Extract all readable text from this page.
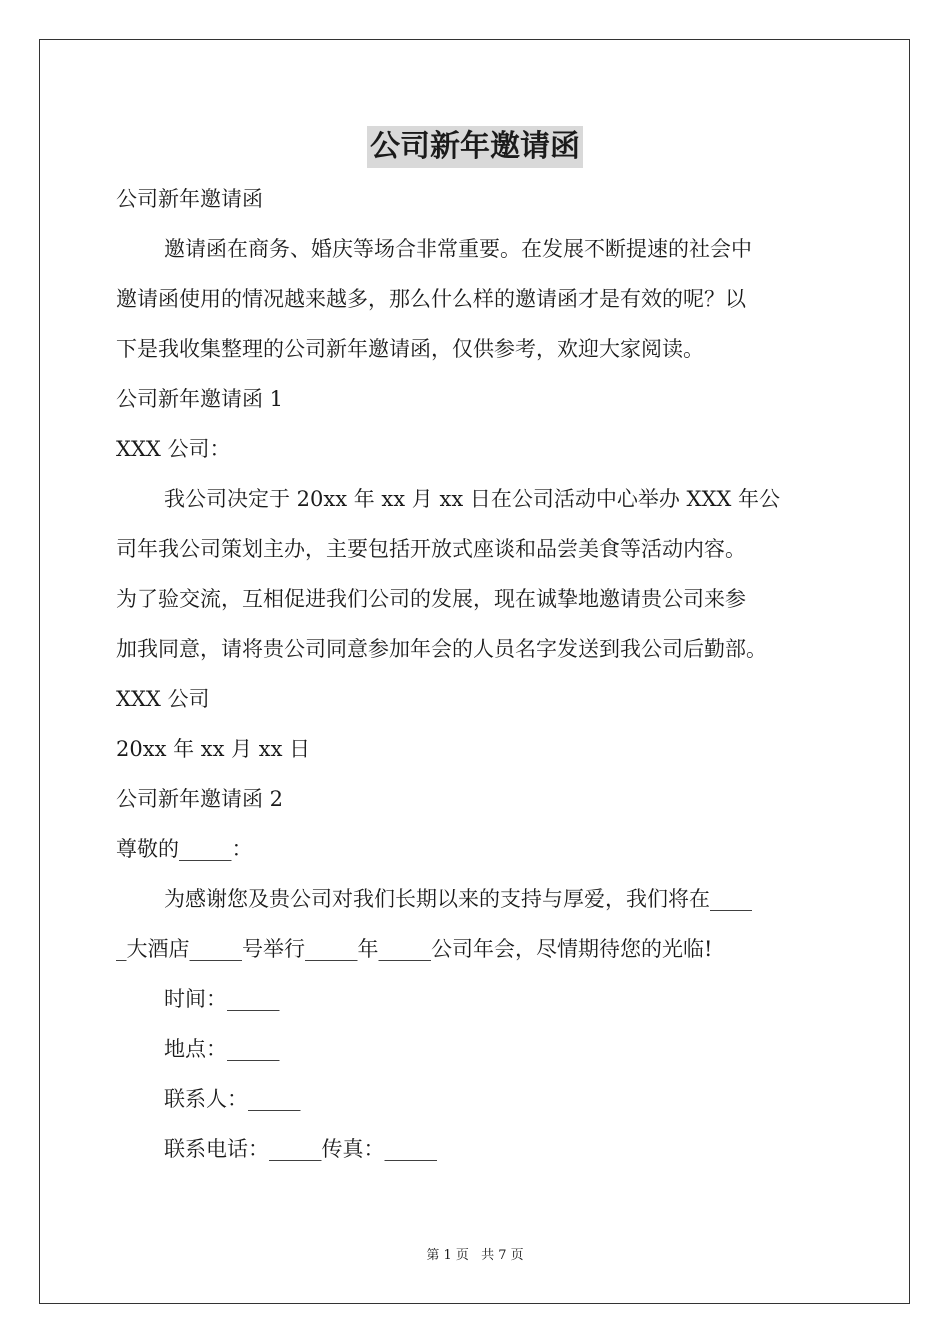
公司新年邀请函
公司新年邀请函
邀请函在商务、婚庆等场合非常重要。在发展不断提速的社会中
邀请函使用的情况越来越多，那么什么样的邀请函才是有效的呢？以
下是我收集整理的公司新年邀请函，仅供参考，欢迎大家阅读。
公司新年邀请函 1
XXX 公司：
我公司决定于 20xx 年 xx 月 xx 日在公司活动中心举办 XXX 年公
司年我公司策划主办，主要包括开放式座谈和品尝美食等活动内容。
为了验交流，互相促进我们公司的发展，现在诚挚地邀请贵公司来参
加我同意，请将贵公司同意参加年会的人员名字发送到我公司后勤部。
XXX 公司
20xx 年 xx 月 xx 日
公司新年邀请函 2
尊敬的_____：
为感谢您及贵公司对我们长期以来的支持与厚爱，我们将在____
_大酒店_____号举行_____年_____公司年会，尽情期待您的光临!
时间：_____
地点：_____
联系人：_____
联系电话：_____传真：_____
第 1 页 共 7 页
